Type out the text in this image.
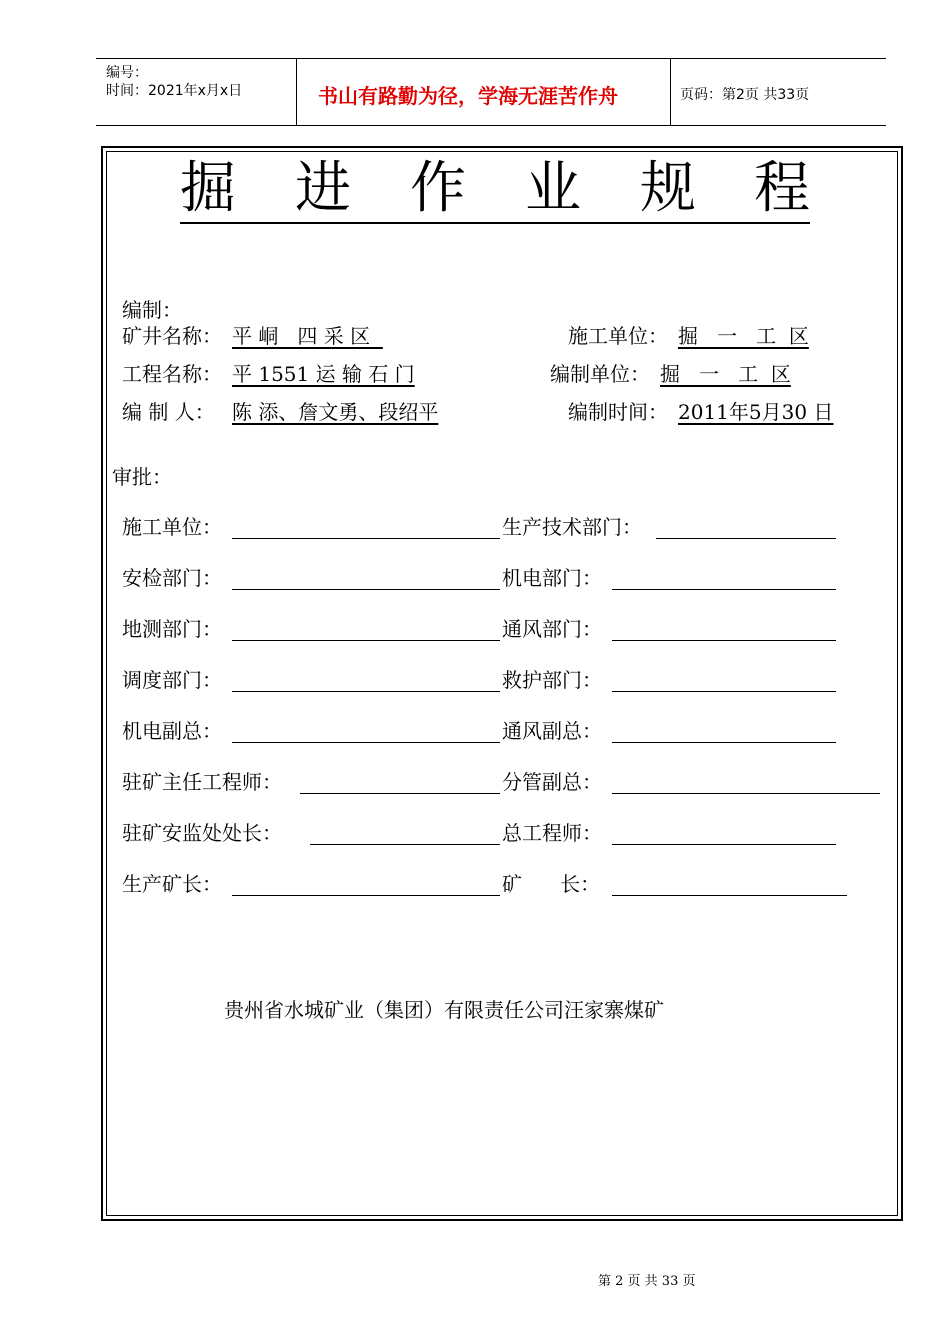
编号：
时间：2021年x月x日	书山有路勤为径，学海无涯苦作舟	页码：第2页 共33页
掘 进 作 业 规 程
编制：
矿井名称： 平 峒   四 采 区	施工单位： 掘   一   工  区
工程名称： 平 1551 运 输 石 门	编制单位： 掘   一   工  区
编 制 人： 陈 添、詹文勇、段绍平	编制时间： 2011年5月30 日
审批：
施工单位：	生产技术部门：
安检部门：	机电部门：
地测部门：	通风部门：
调度部门：	救护部门：
机电副总：	通风副总：
驻矿主任工程师：	分管副总：
驻矿安监处处长：	总工程师：
生产矿长：	矿      长：
贵州省水城矿业（集团）有限责任公司汪家寨煤矿
第 2 页 共 33 页
